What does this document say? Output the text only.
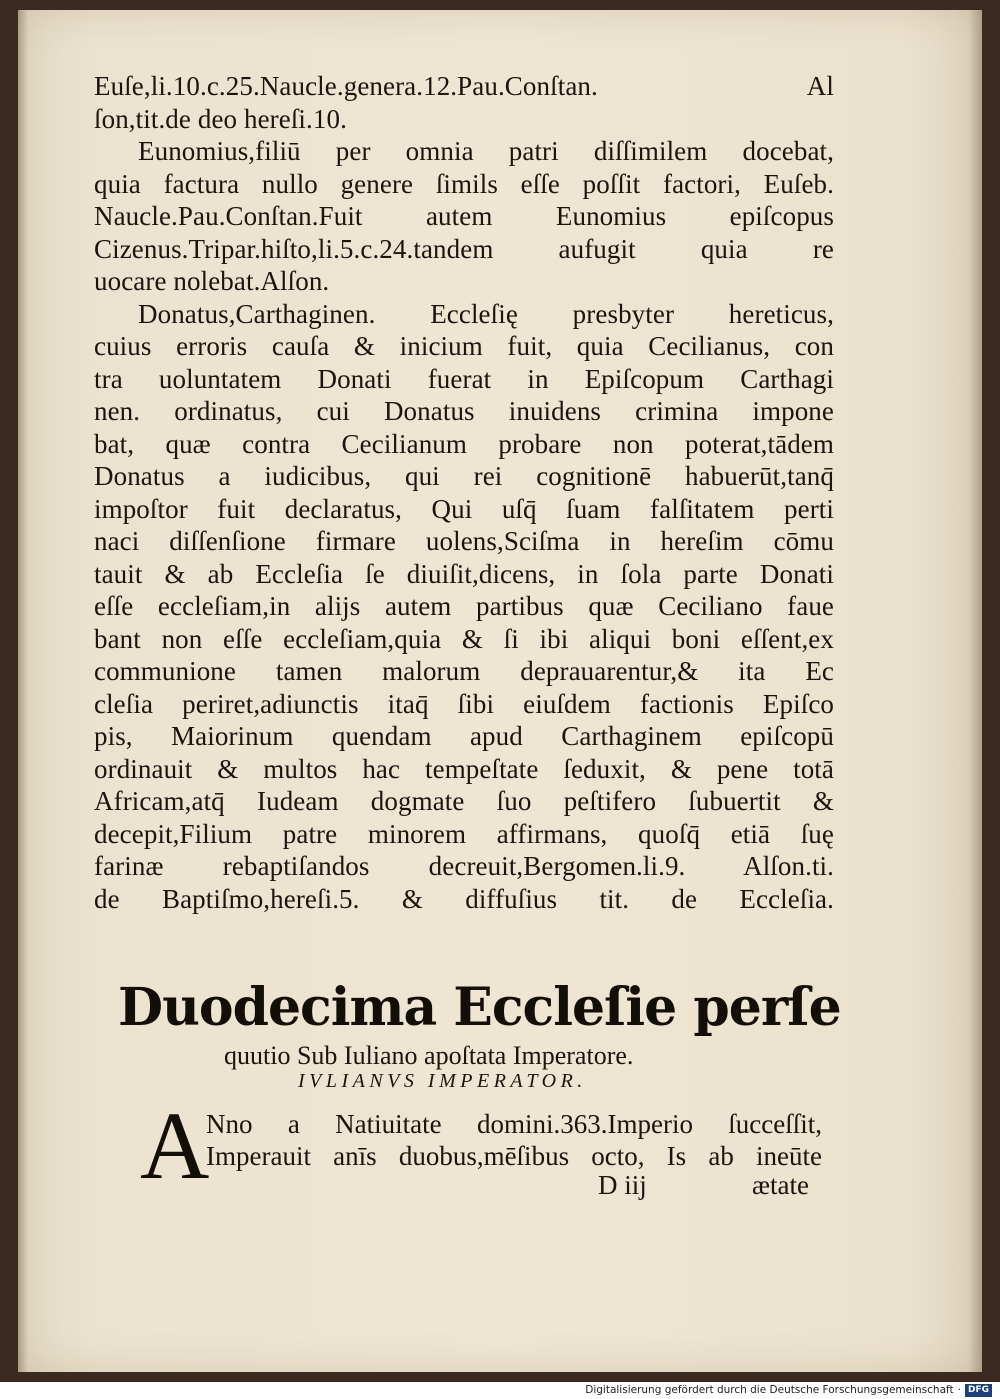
Euſe,li.10.c.25.Naucle.genera.12.Pau.Conſtan. Al
ſon,tit.de deo hereſi.10.
Eunomius,filiū per omnia patri diſſimilem docebat,
quia factura nullo genere ſimils eſſe poſſit factori, Euſeb.
Naucle.Pau.Conſtan.Fuit autem Eunomius epiſcopus
Cizenus.Tripar.hiſto,li.5.c.24.tandem aufugit quia re
uocare nolebat.Alſon.
Donatus,Carthaginen. Eccleſię presbyter hereticus,
cuius erroris cauſa & inicium fuit, quia Cecilianus, con
tra uoluntatem Donati fuerat in Epiſcopum Carthagi
nen. ordinatus, cui Donatus inuidens crimina impone
bat, quæ contra Cecilianum probare non poterat,tādem
Donatus a iudicibus, qui rei cognitionē habuerūt,tanq̄
impoſtor fuit declaratus, Qui uſq̄ ſuam falſitatem perti
naci diſſenſione firmare uolens,Sciſma in hereſim cōmu
tauit & ab Eccleſia ſe diuiſit,dicens, in ſola parte Donati
eſſe eccleſiam,in alijs autem partibus quæ Ceciliano faue
bant non eſſe eccleſiam,quia & ſi ibi aliqui boni eſſent,ex
communione tamen malorum deprauarentur,& ita Ec
cleſia periret,adiunctis itaq̄ ſibi eiuſdem factionis Epiſco
pis, Maiorinum quendam apud Carthaginem epiſcopū
ordinauit & multos hac tempeſtate ſeduxit, & pene totā
Africam,atq̄ Iudeam dogmate ſuo peſtifero ſubuertit &
decepit,Filium patre minorem affirmans, quoſq̄ etiā ſuę
farinæ rebaptiſandos decreuit,Bergomen.li.9. Alſon.ti.
de Baptiſmo,hereſi.5. & diffuſius tit. de Eccleſia.
Duodecima Eccleſie perſe
quutio Sub Iuliano apoſtata Imperatore.
IVLIANVS IMPERATOR.
A
Nno a Natiuitate domini.363.Imperio ſucceſſit,
Imperauit anīs duobus,mēſibus octo, Is ab ineūte
D iij	ætate
Digitalisierung gefördert durch die Deutsche Forschungsgemeinschaft · DFG
